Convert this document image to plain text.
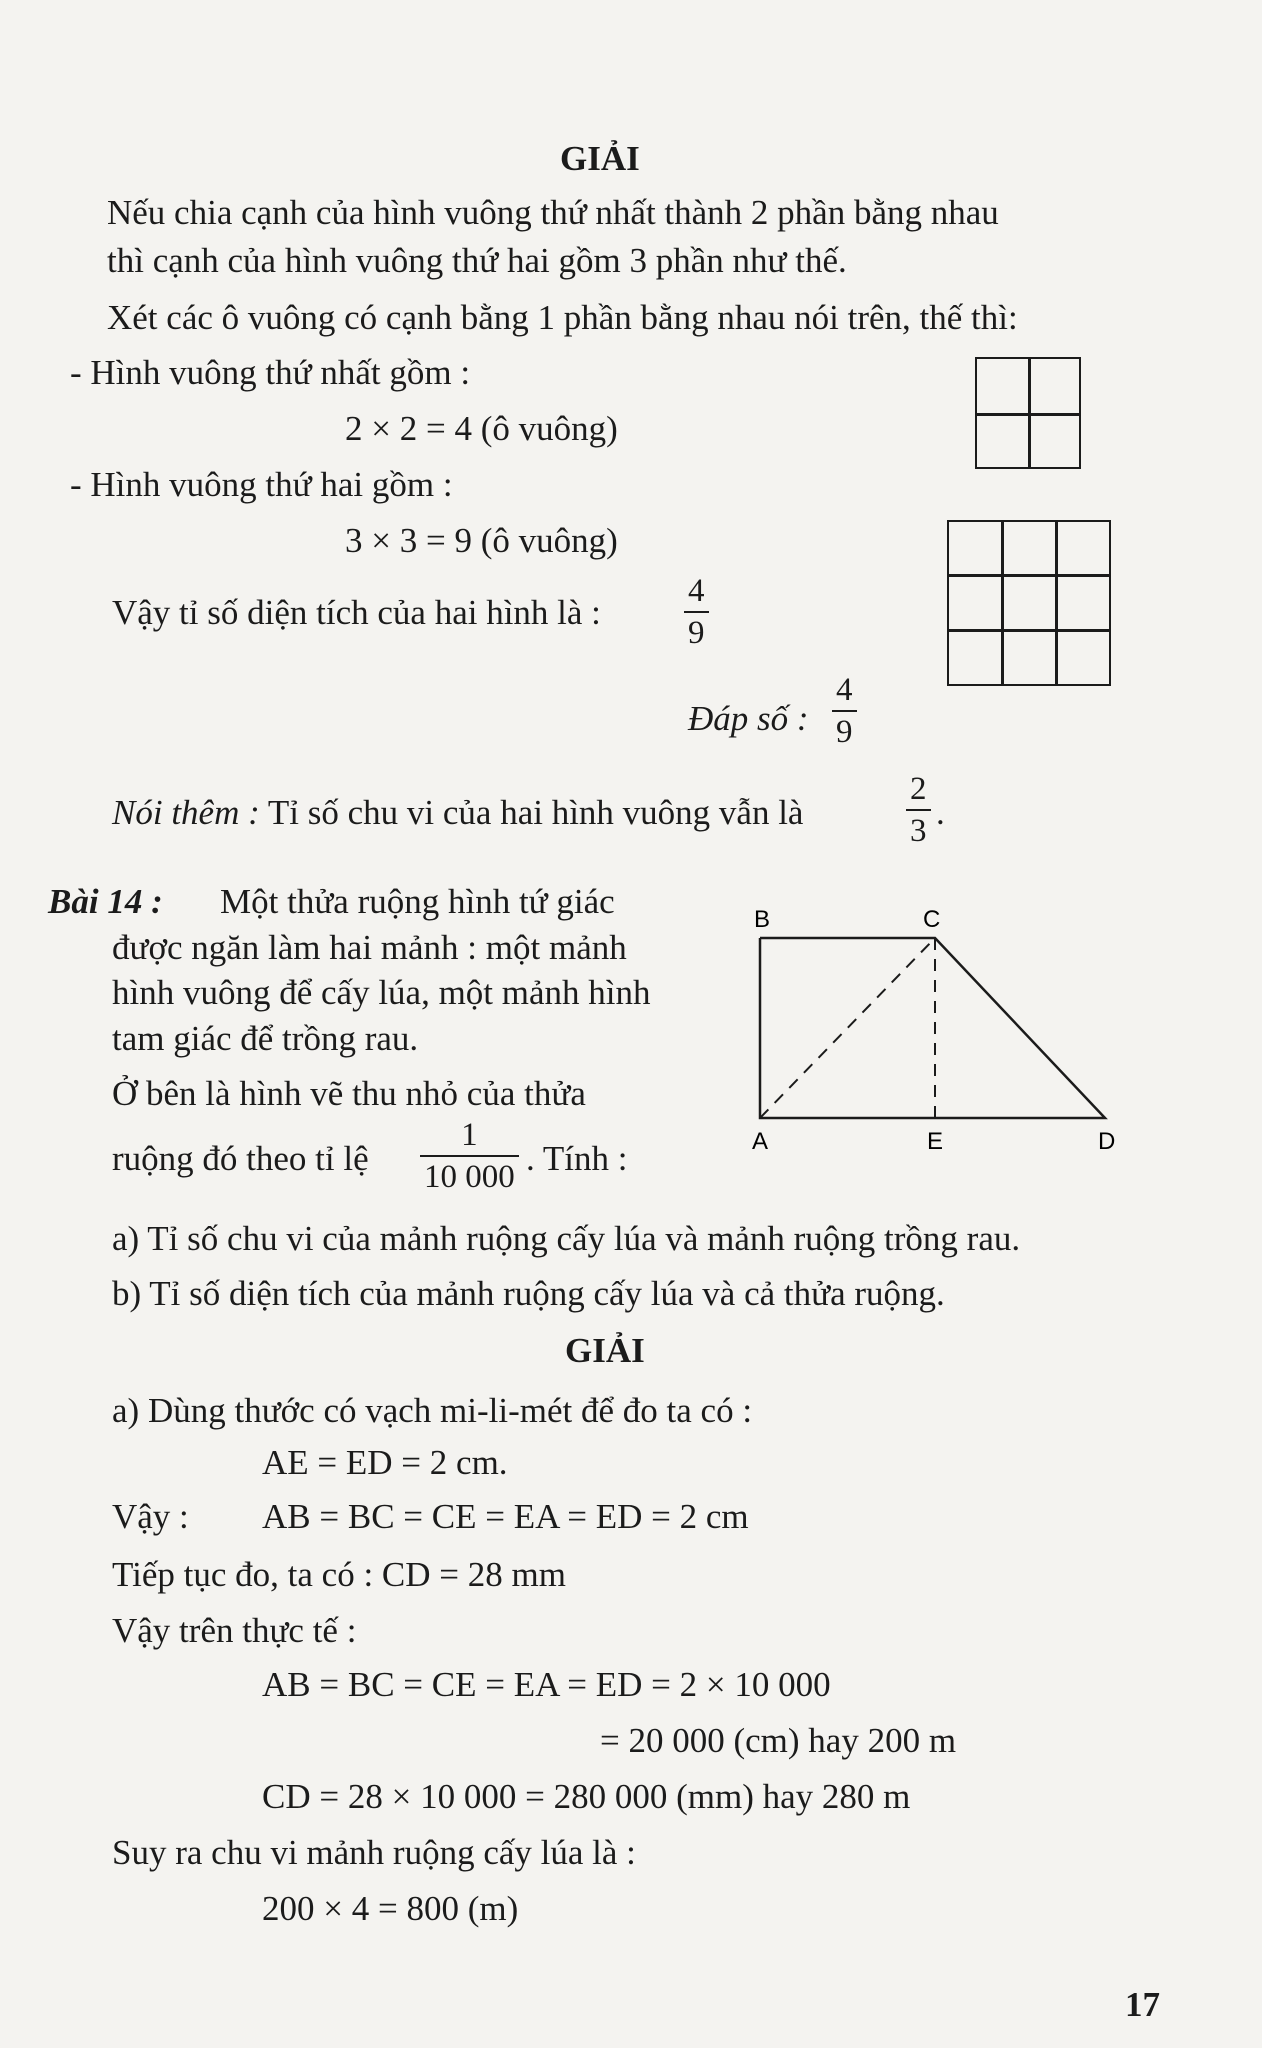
GIẢI
Nếu chia cạnh của hình vuông thứ nhất thành 2 phần bằng nhau
thì cạnh của hình vuông thứ hai gồm 3 phần như thế.
Xét các ô vuông có cạnh bằng 1 phần bằng nhau nói trên, thế thì:
- Hình vuông thứ nhất gồm :
2 × 2 = 4 (ô vuông)
- Hình vuông thứ hai gồm :
3 × 3 = 9 (ô vuông)
Vậy tỉ số diện tích của hai hình là :
4
9
Đáp số :
4
9
Nói thêm : Tỉ số chu vi của hai hình vuông vẫn là
2
3 .
Bài 14 : Một thửa ruộng hình tứ giác
được ngăn làm hai mảnh : một mảnh
hình vuông để cấy lúa, một mảnh hình
tam giác để trồng rau.
Ở bên là hình vẽ thu nhỏ của thửa
ruộng đó theo tỉ lệ
1
10 000 . Tính :
B	C
A	E	D
a) Tỉ số chu vi của mảnh ruộng cấy lúa và mảnh ruộng trồng rau.
b) Tỉ số diện tích của mảnh ruộng cấy lúa và cả thửa ruộng.
GIẢI
a) Dùng thước có vạch mi-li-mét để đo ta có :
AE = ED = 2 cm.
Vậy : AB = BC = CE = EA = ED = 2 cm
Tiếp tục đo, ta có : CD = 28 mm
Vậy trên thực tế :
AB = BC = CE = EA = ED = 2 × 10 000
= 20 000 (cm) hay 200 m
CD = 28 × 10 000 = 280 000 (mm) hay 280 m
Suy ra chu vi mảnh ruộng cấy lúa là :
200 × 4 = 800 (m)
17
